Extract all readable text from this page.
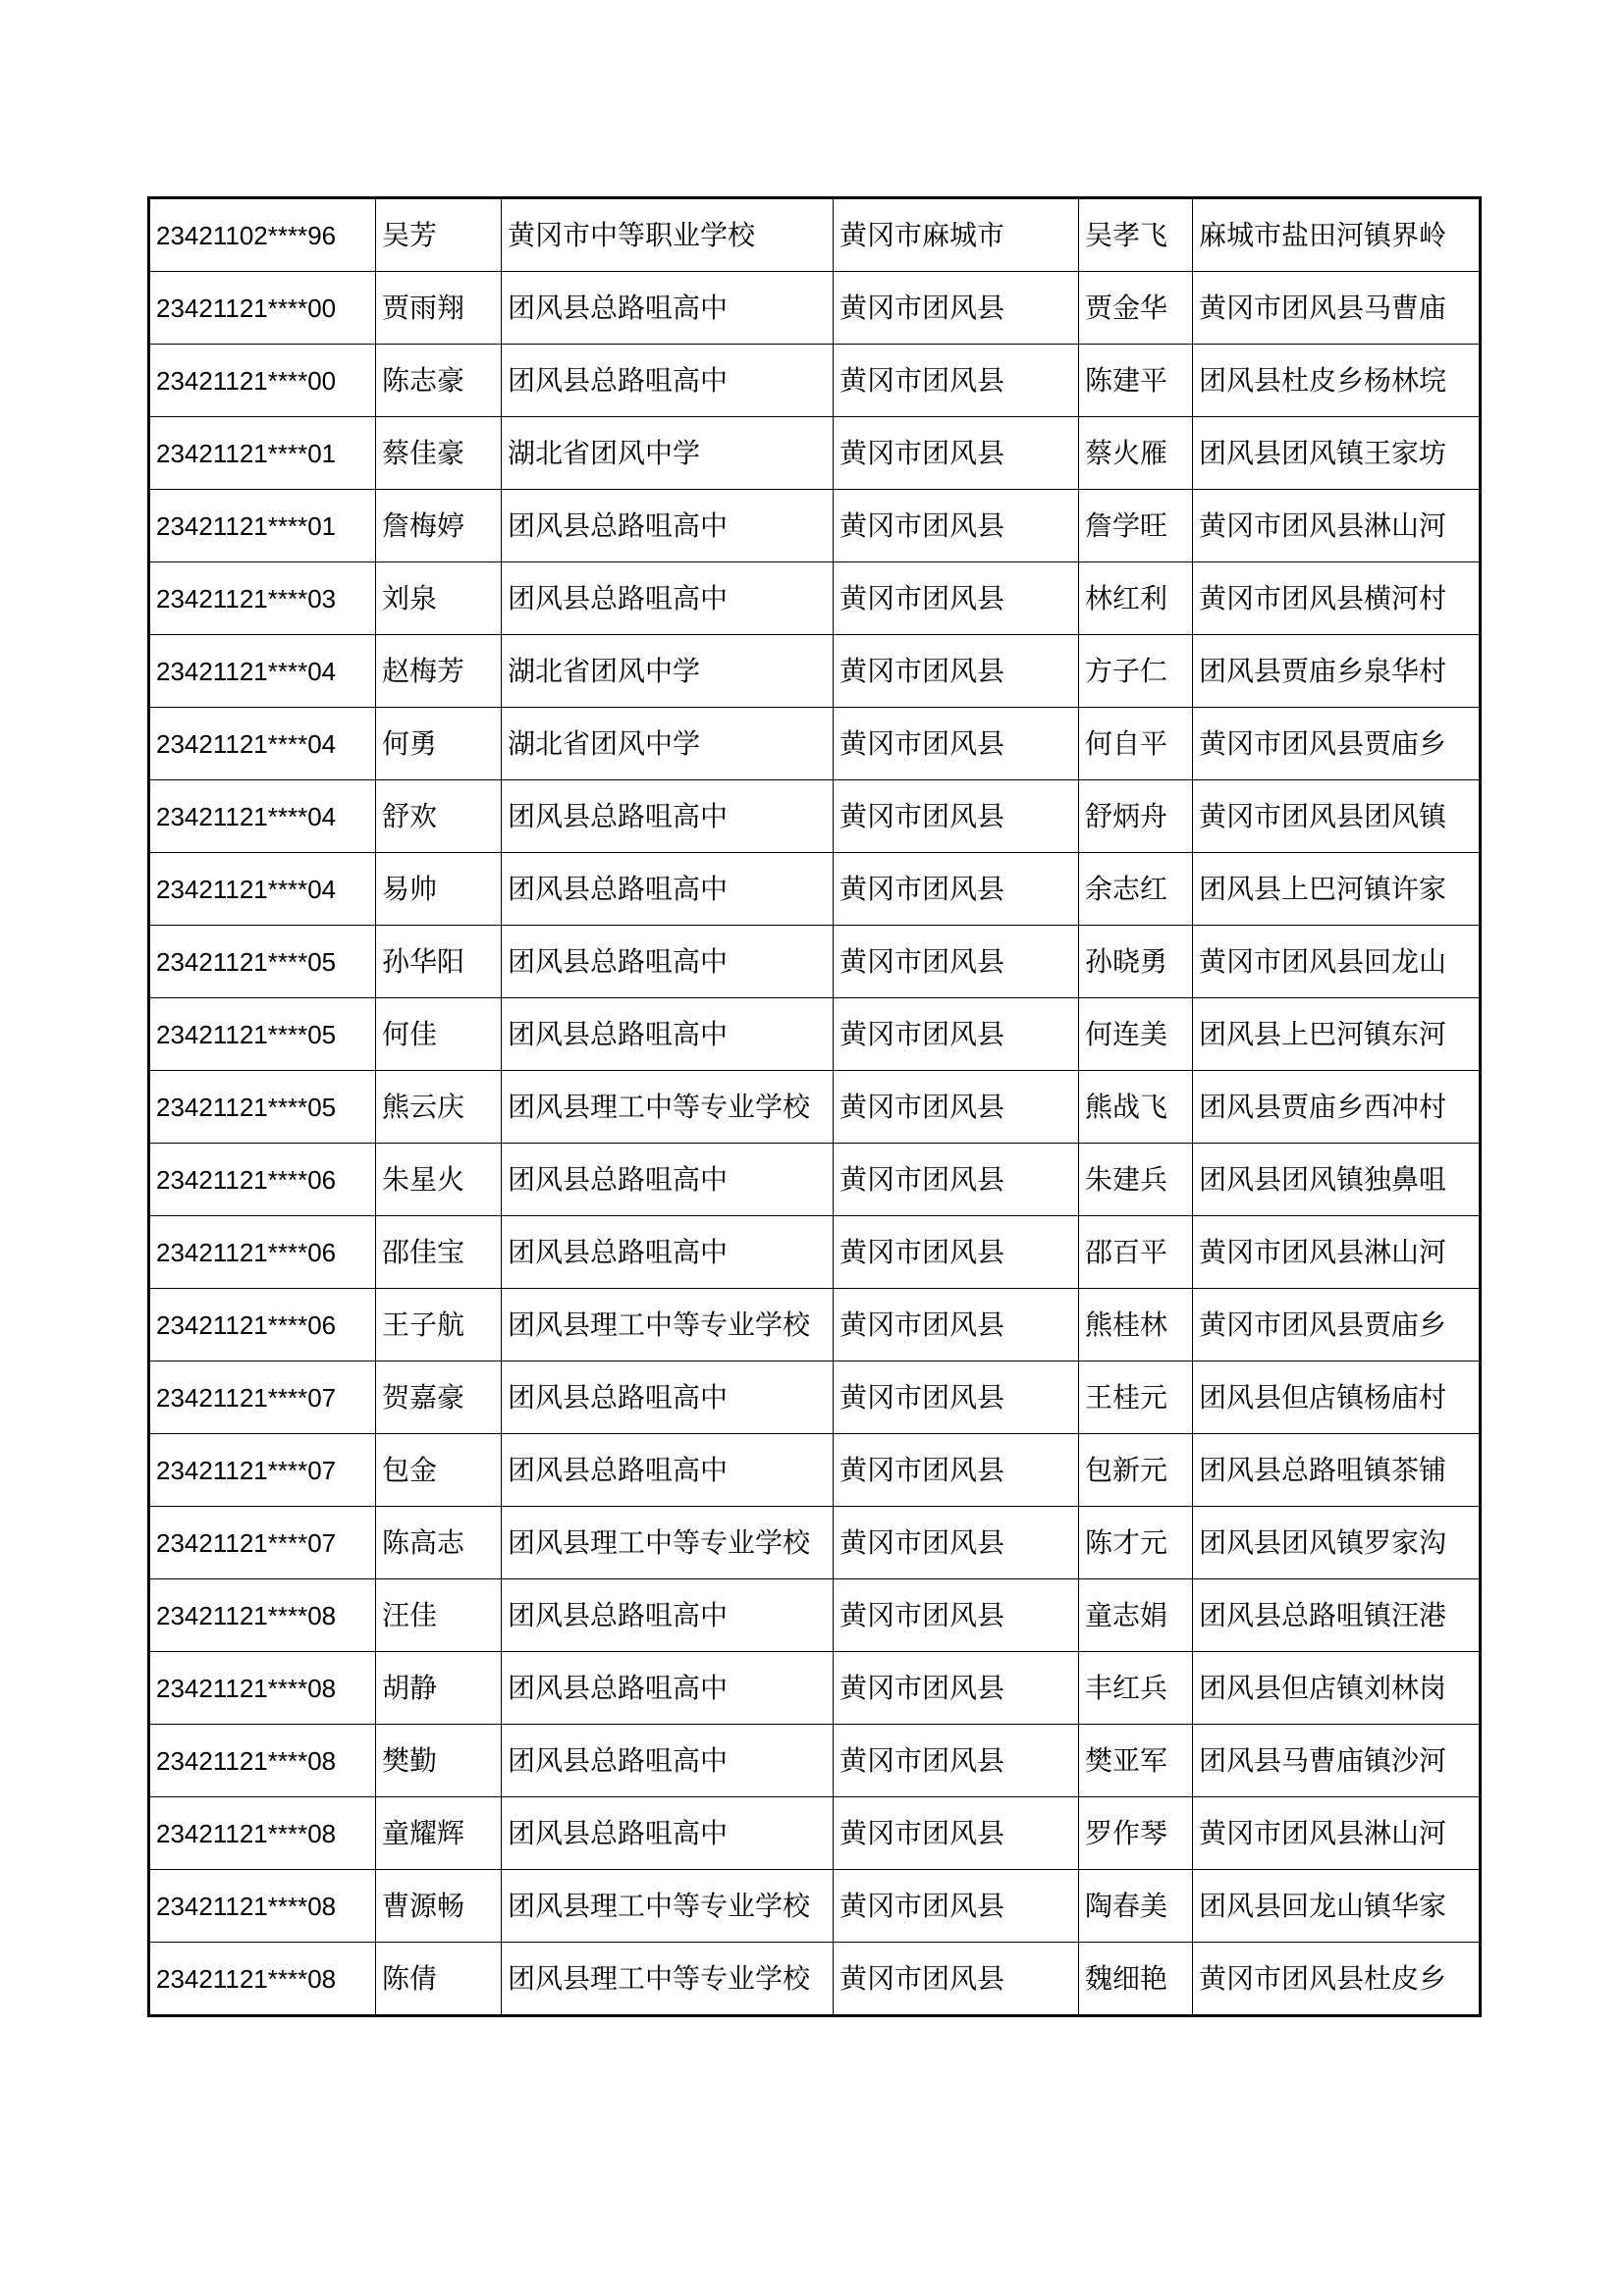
23421102****96	吴芳	黄冈市中等职业学校	黄冈市麻城市	吴孝飞	麻城市盐田河镇界岭
23421121****00	贾雨翔	团风县总路咀高中	黄冈市团风县	贾金华	黄冈市团风县马曹庙
23421121****00	陈志豪	团风县总路咀高中	黄冈市团风县	陈建平	团风县杜皮乡杨林垸
23421121****01	蔡佳豪	湖北省团风中学	黄冈市团风县	蔡火雁	团风县团风镇王家坊
23421121****01	詹梅婷	团风县总路咀高中	黄冈市团风县	詹学旺	黄冈市团风县淋山河
23421121****03	刘泉	团风县总路咀高中	黄冈市团风县	林红利	黄冈市团风县横河村
23421121****04	赵梅芳	湖北省团风中学	黄冈市团风县	方子仁	团风县贾庙乡泉华村
23421121****04	何勇	湖北省团风中学	黄冈市团风县	何自平	黄冈市团风县贾庙乡
23421121****04	舒欢	团风县总路咀高中	黄冈市团风县	舒炳舟	黄冈市团风县团风镇
23421121****04	易帅	团风县总路咀高中	黄冈市团风县	余志红	团风县上巴河镇许家
23421121****05	孙华阳	团风县总路咀高中	黄冈市团风县	孙晓勇	黄冈市团风县回龙山
23421121****05	何佳	团风县总路咀高中	黄冈市团风县	何连美	团风县上巴河镇东河
23421121****05	熊云庆	团风县理工中等专业学校	黄冈市团风县	熊战飞	团风县贾庙乡西冲村
23421121****06	朱星火	团风县总路咀高中	黄冈市团风县	朱建兵	团风县团风镇独鼻咀
23421121****06	邵佳宝	团风县总路咀高中	黄冈市团风县	邵百平	黄冈市团风县淋山河
23421121****06	王子航	团风县理工中等专业学校	黄冈市团风县	熊桂林	黄冈市团风县贾庙乡
23421121****07	贺嘉豪	团风县总路咀高中	黄冈市团风县	王桂元	团风县但店镇杨庙村
23421121****07	包金	团风县总路咀高中	黄冈市团风县	包新元	团风县总路咀镇茶铺
23421121****07	陈高志	团风县理工中等专业学校	黄冈市团风县	陈才元	团风县团风镇罗家沟
23421121****08	汪佳	团风县总路咀高中	黄冈市团风县	童志娟	团风县总路咀镇汪港
23421121****08	胡静	团风县总路咀高中	黄冈市团风县	丰红兵	团风县但店镇刘林岗
23421121****08	樊勤	团风县总路咀高中	黄冈市团风县	樊亚军	团风县马曹庙镇沙河
23421121****08	童耀辉	团风县总路咀高中	黄冈市团风县	罗作琴	黄冈市团风县淋山河
23421121****08	曹源畅	团风县理工中等专业学校	黄冈市团风县	陶春美	团风县回龙山镇华家
23421121****08	陈倩	团风县理工中等专业学校	黄冈市团风县	魏细艳	黄冈市团风县杜皮乡
